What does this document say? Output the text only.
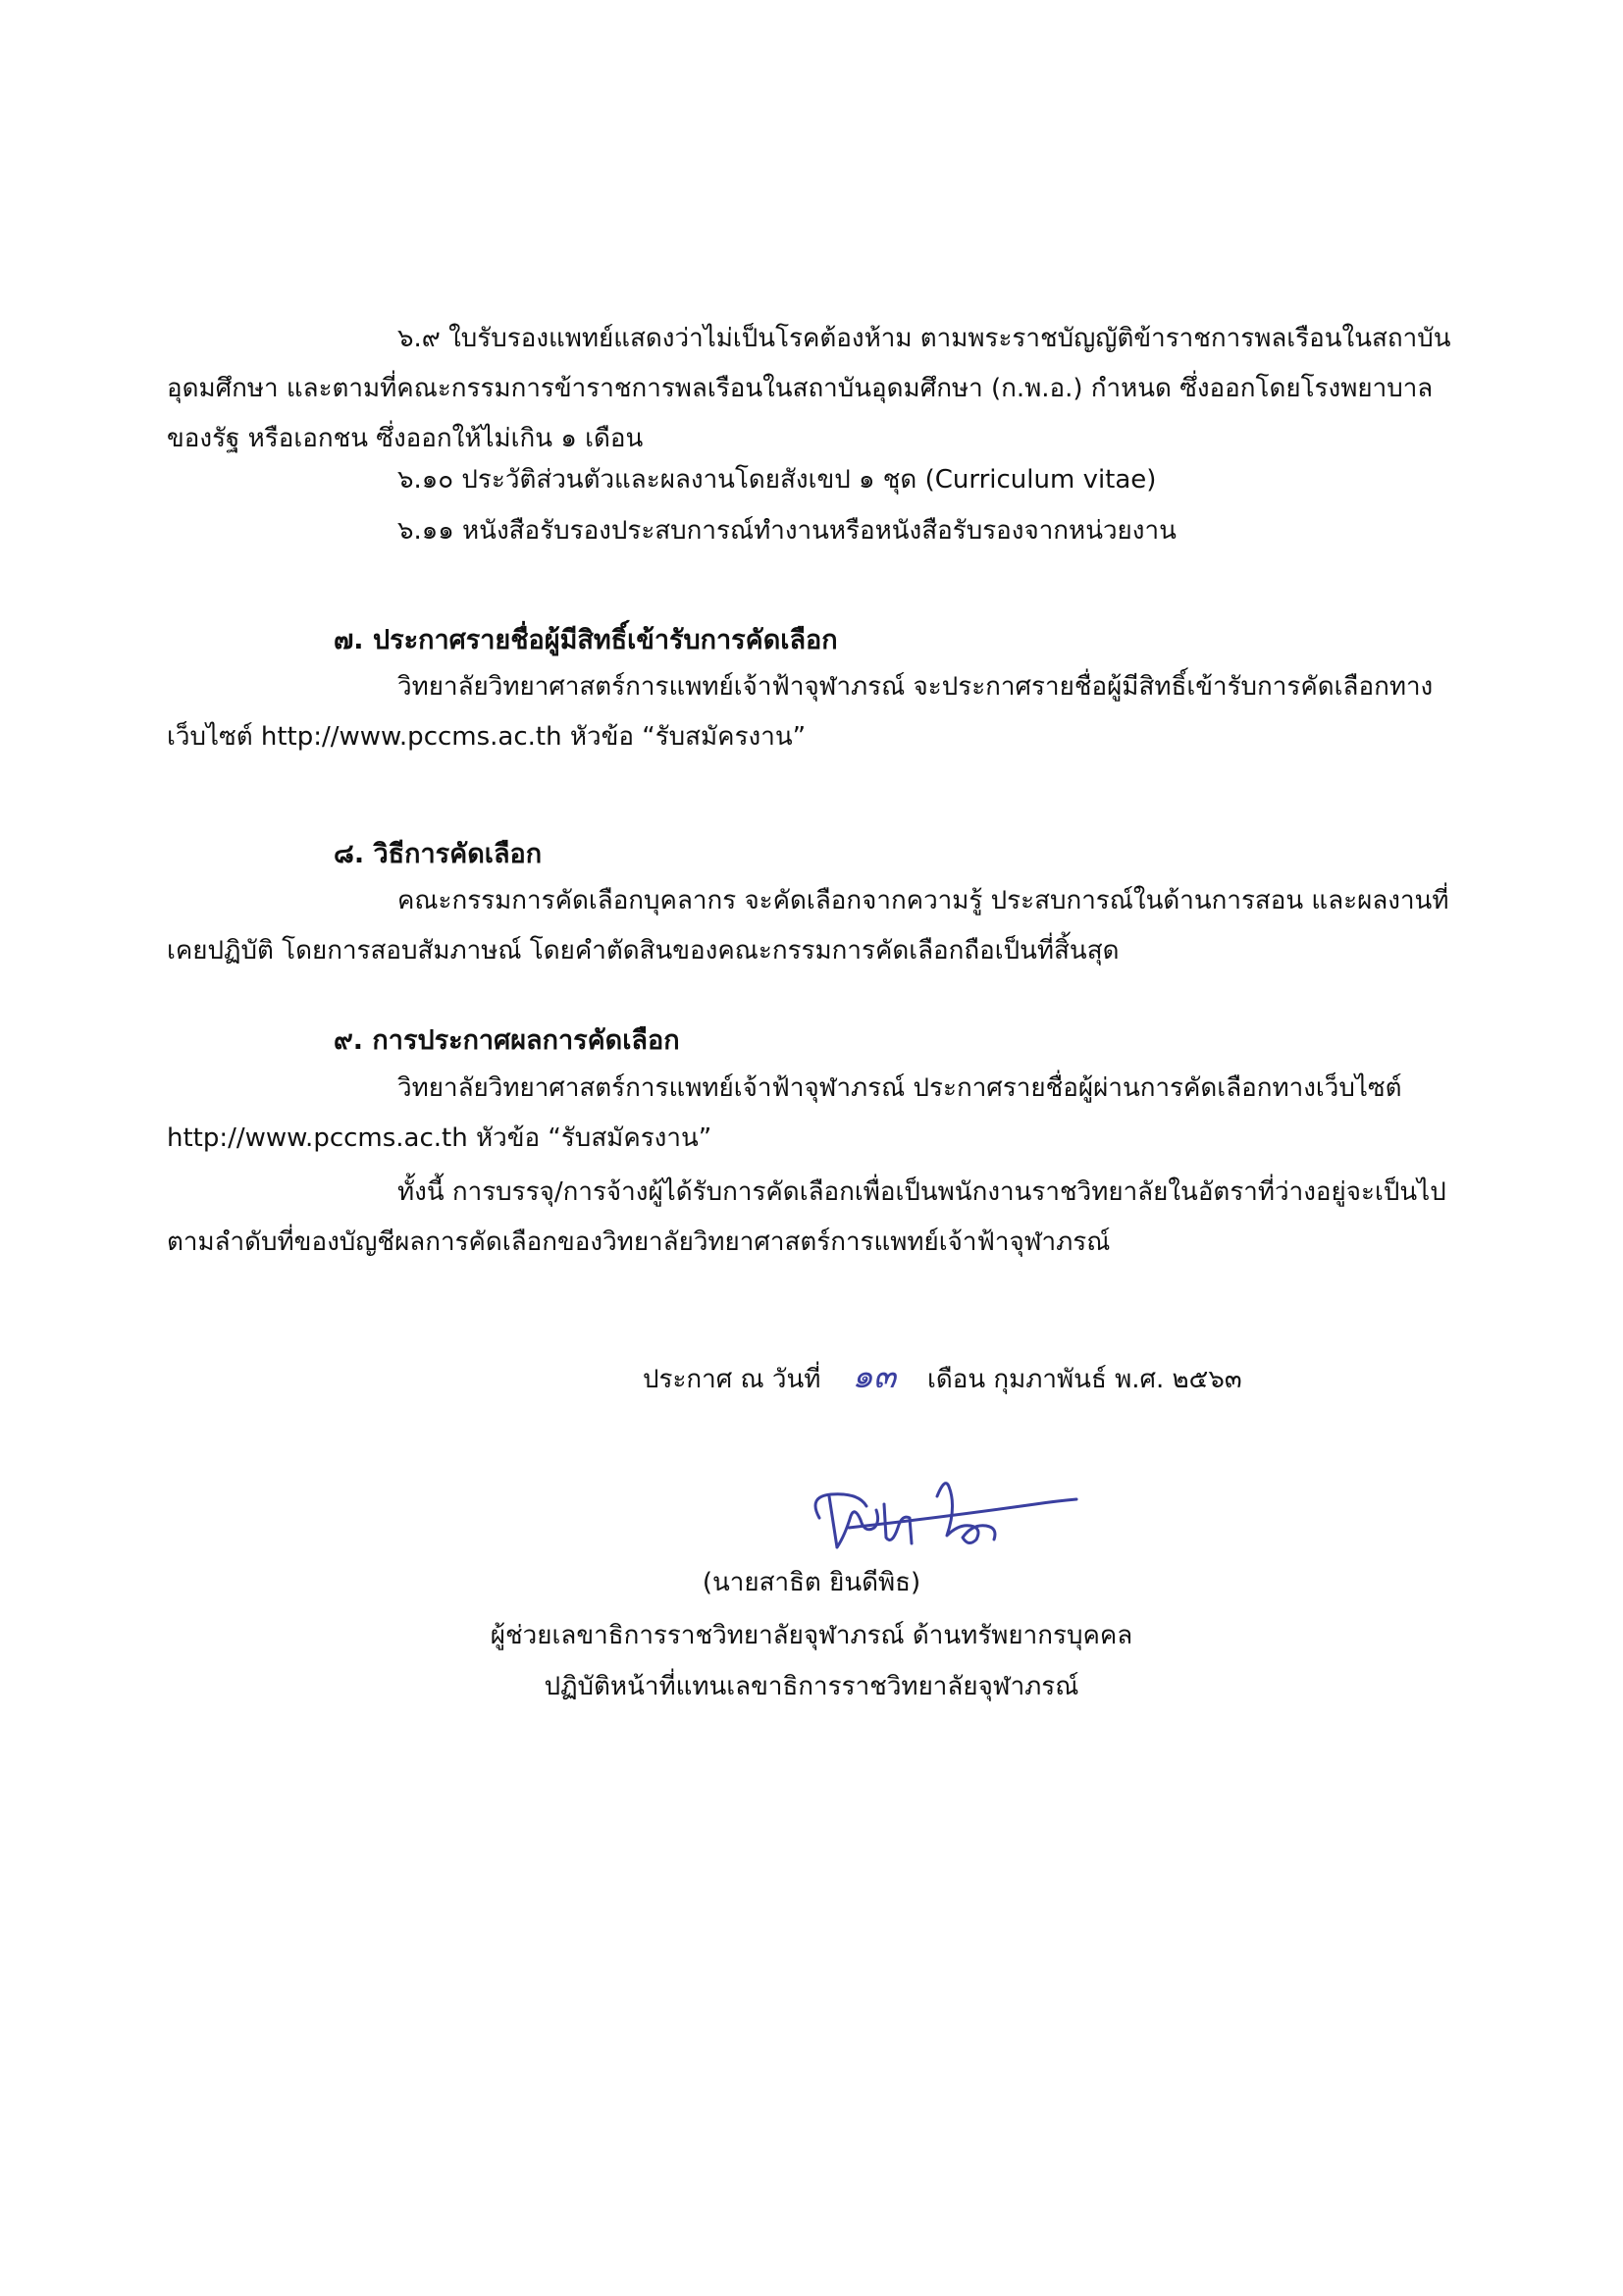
๖.๙ ใบรับรองแพทย์แสดงว่าไม่เป็นโรคต้องห้าม ตามพระราชบัญญัติข้าราชการพลเรือนในสถาบันอุดมศึกษา และตามที่คณะกรรมการข้าราชการพลเรือนในสถาบันอุดมศึกษา (ก.พ.อ.) กำหนด ซึ่งออกโดยโรงพยาบาลของรัฐ หรือเอกชน ซึ่งออกให้ไม่เกิน ๑ เดือน

๖.๑๐ ประวัติส่วนตัวและผลงานโดยสังเขป ๑ ชุด (Curriculum vitae)

๖.๑๑ หนังสือรับรองประสบการณ์ทำงานหรือหนังสือรับรองจากหน่วยงาน

๗. ประกาศรายชื่อผู้มีสิทธิ์เข้ารับการคัดเลือก

วิทยาลัยวิทยาศาสตร์การแพทย์เจ้าฟ้าจุฬาภรณ์ จะประกาศรายชื่อผู้มีสิทธิ์เข้ารับการคัดเลือกทางเว็บไซต์ http://www.pccms.ac.th หัวข้อ “รับสมัครงาน”

๘. วิธีการคัดเลือก

คณะกรรมการคัดเลือกบุคลากร จะคัดเลือกจากความรู้ ประสบการณ์ในด้านการสอน และผลงานที่เคยปฏิบัติ โดยการสอบสัมภาษณ์ โดยคำตัดสินของคณะกรรมการคัดเลือกถือเป็นที่สิ้นสุด

๙. การประกาศผลการคัดเลือก

วิทยาลัยวิทยาศาสตร์การแพทย์เจ้าฟ้าจุฬาภรณ์ ประกาศรายชื่อผู้ผ่านการคัดเลือกทางเว็บไซต์ http://www.pccms.ac.th หัวข้อ “รับสมัครงาน”

ทั้งนี้ การบรรจุ/การจ้างผู้ได้รับการคัดเลือกเพื่อเป็นพนักงานราชวิทยาลัยในอัตราที่ว่างอยู่จะเป็นไปตามลำดับที่ของบัญชีผลการคัดเลือกของวิทยาลัยวิทยาศาสตร์การแพทย์เจ้าฟ้าจุฬาภรณ์

ประกาศ ณ วันที่ ๑๓ เดือน กุมภาพันธ์ พ.ศ. ๒๕๖๓
(นายสาธิต ยินดีพิธ)
ผู้ช่วยเลขาธิการราชวิทยาลัยจุฬาภรณ์ ด้านทรัพยากรบุคคล
ปฏิบัติหน้าที่แทนเลขาธิการราชวิทยาลัยจุฬาภรณ์
